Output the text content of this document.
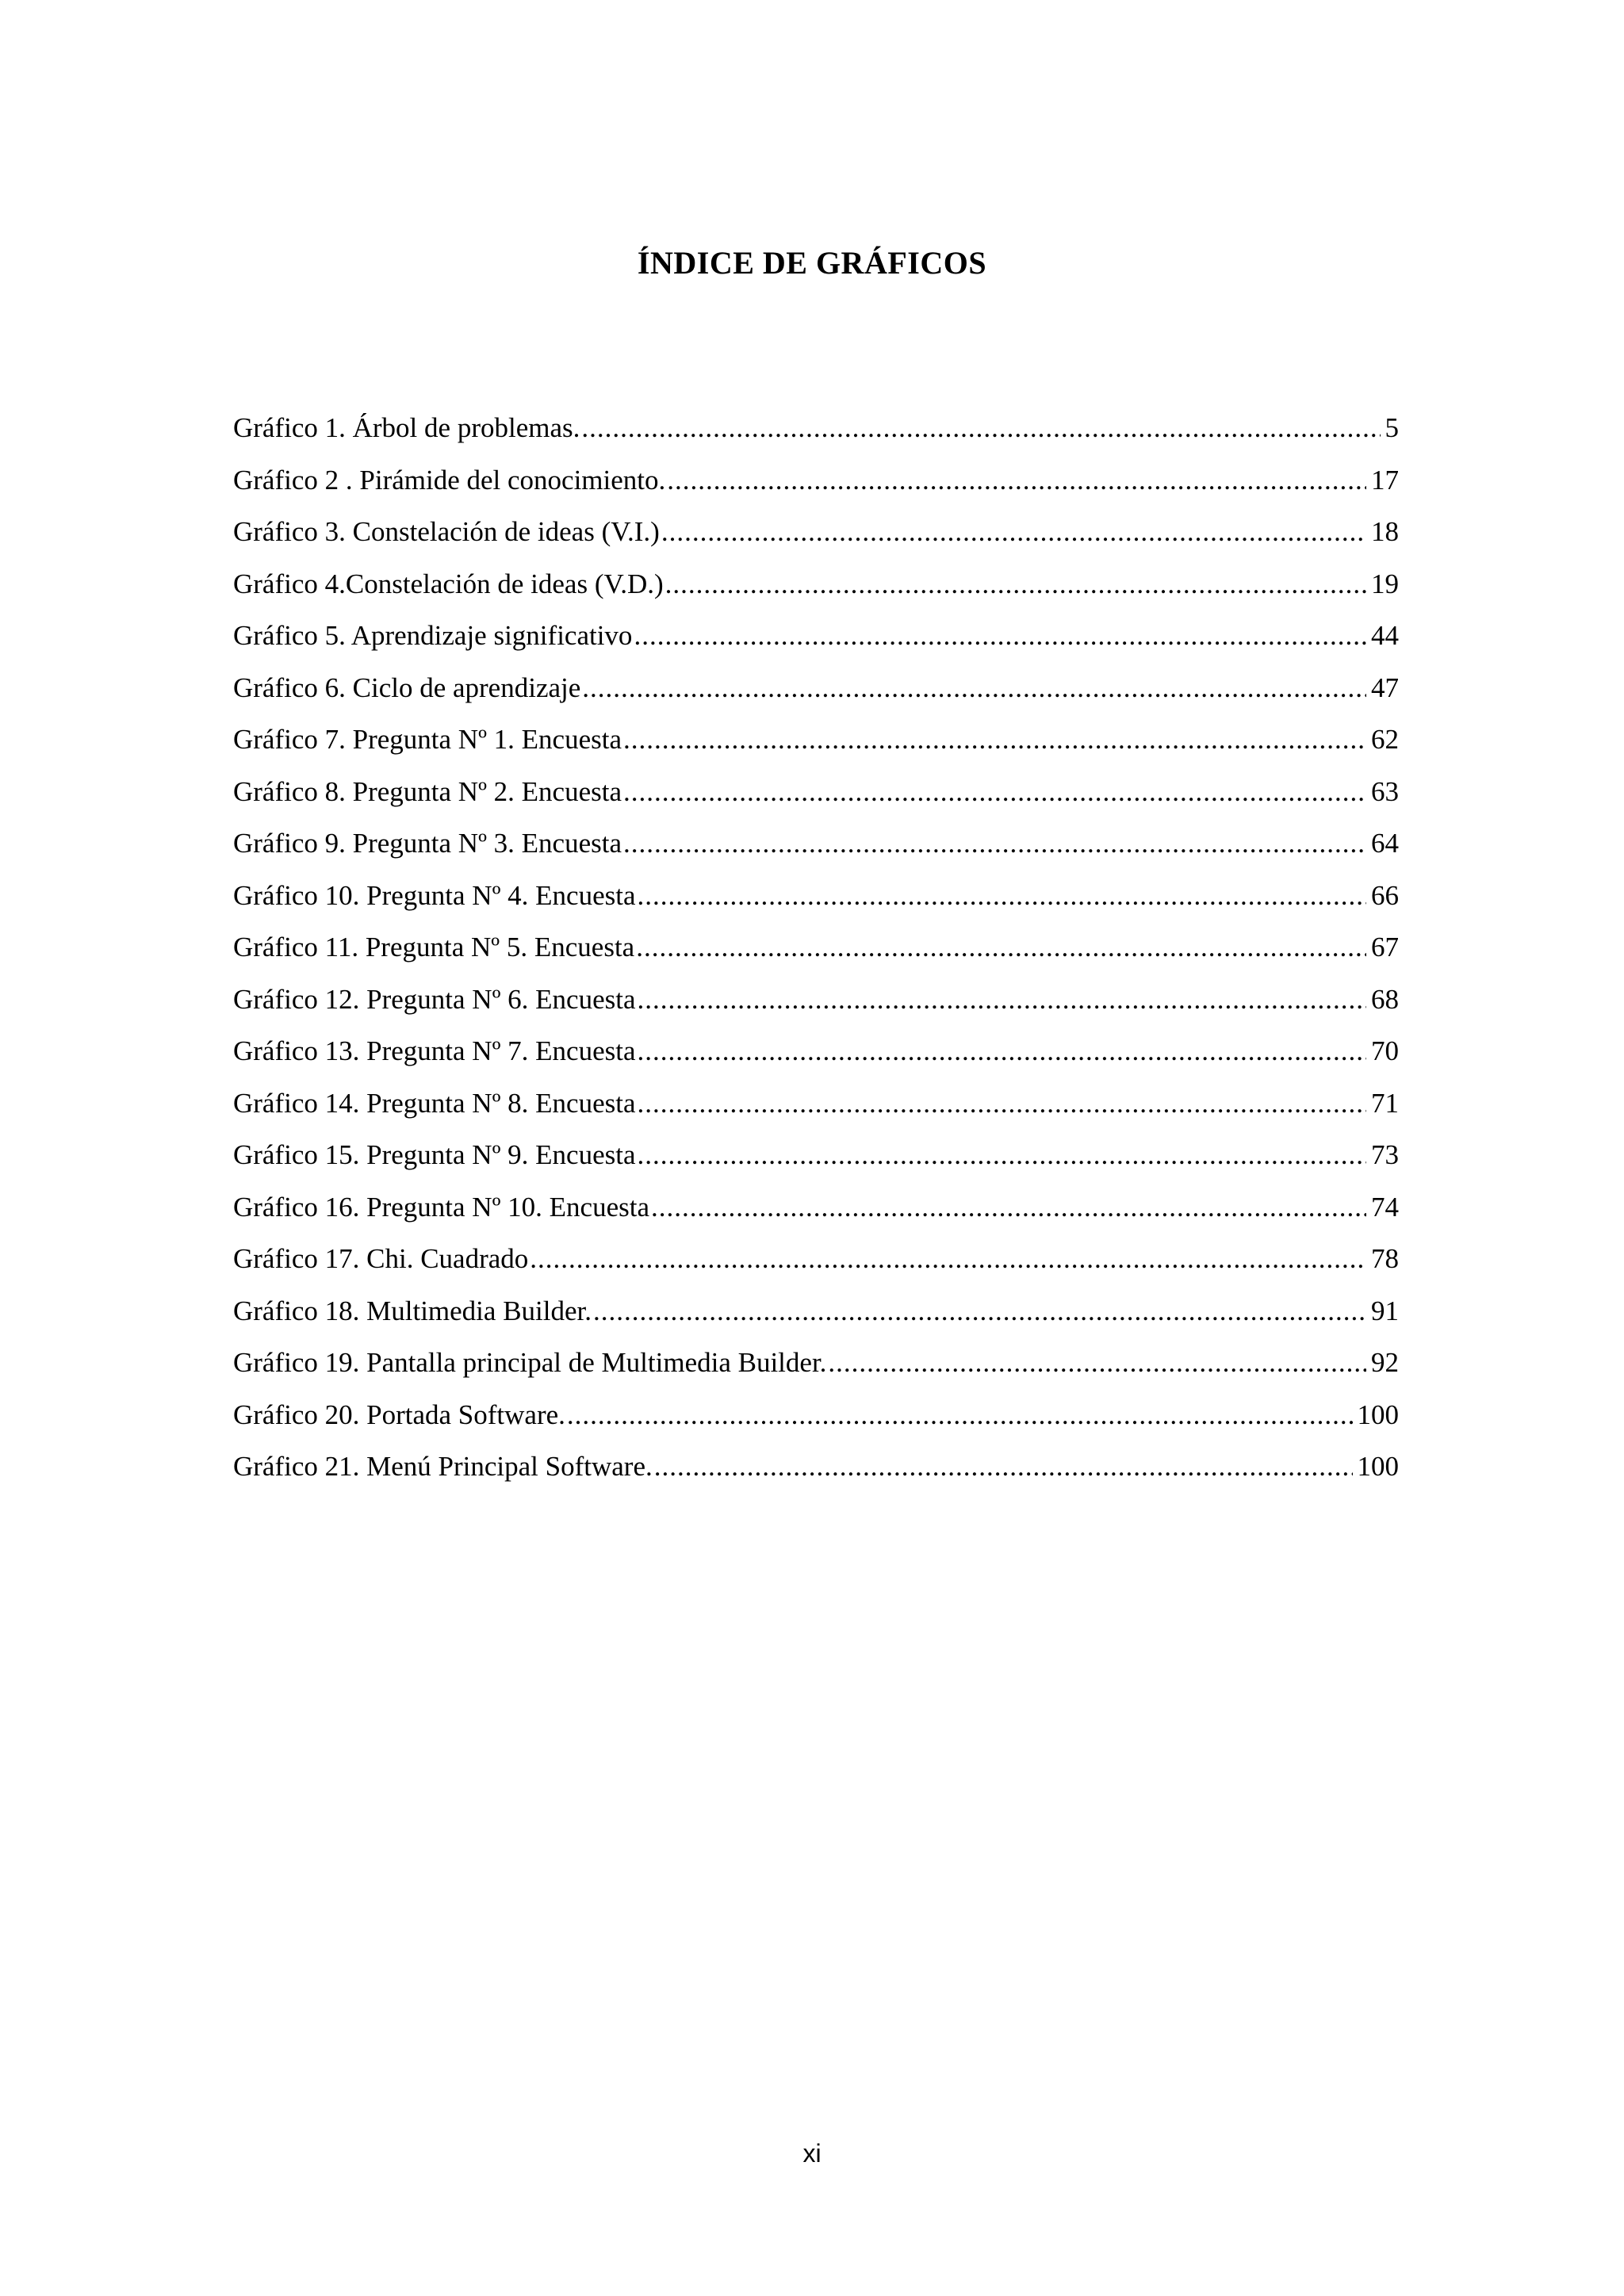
ÍNDICE DE GRÁFICOS
Gráfico 1. Árbol de problemas. .....	5
Gráfico 2 . Pirámide del conocimiento. .....	17
Gráfico 3. Constelación de ideas (V.I.) .....	18
Gráfico 4.Constelación de ideas (V.D.) .....	19
Gráfico 5. Aprendizaje significativo .....	44
Gráfico 6. Ciclo de aprendizaje .....	47
Gráfico 7. Pregunta Nº 1. Encuesta .....	62
Gráfico 8. Pregunta Nº 2. Encuesta .....	63
Gráfico 9. Pregunta Nº 3. Encuesta .....	64
Gráfico 10. Pregunta Nº 4. Encuesta .....	66
Gráfico 11. Pregunta Nº 5. Encuesta .....	67
Gráfico 12. Pregunta Nº 6. Encuesta .....	68
Gráfico 13. Pregunta Nº 7. Encuesta .....	70
Gráfico 14. Pregunta Nº 8. Encuesta .....	71
Gráfico 15. Pregunta Nº 9. Encuesta .....	73
Gráfico 16. Pregunta Nº 10. Encuesta .....	74
Gráfico 17. Chi. Cuadrado .....	78
Gráfico 18. Multimedia Builder. .....	91
Gráfico 19. Pantalla principal de Multimedia Builder. .....	92
Gráfico 20. Portada Software. .....	100
Gráfico 21. Menú Principal Software. .....	100
xi
